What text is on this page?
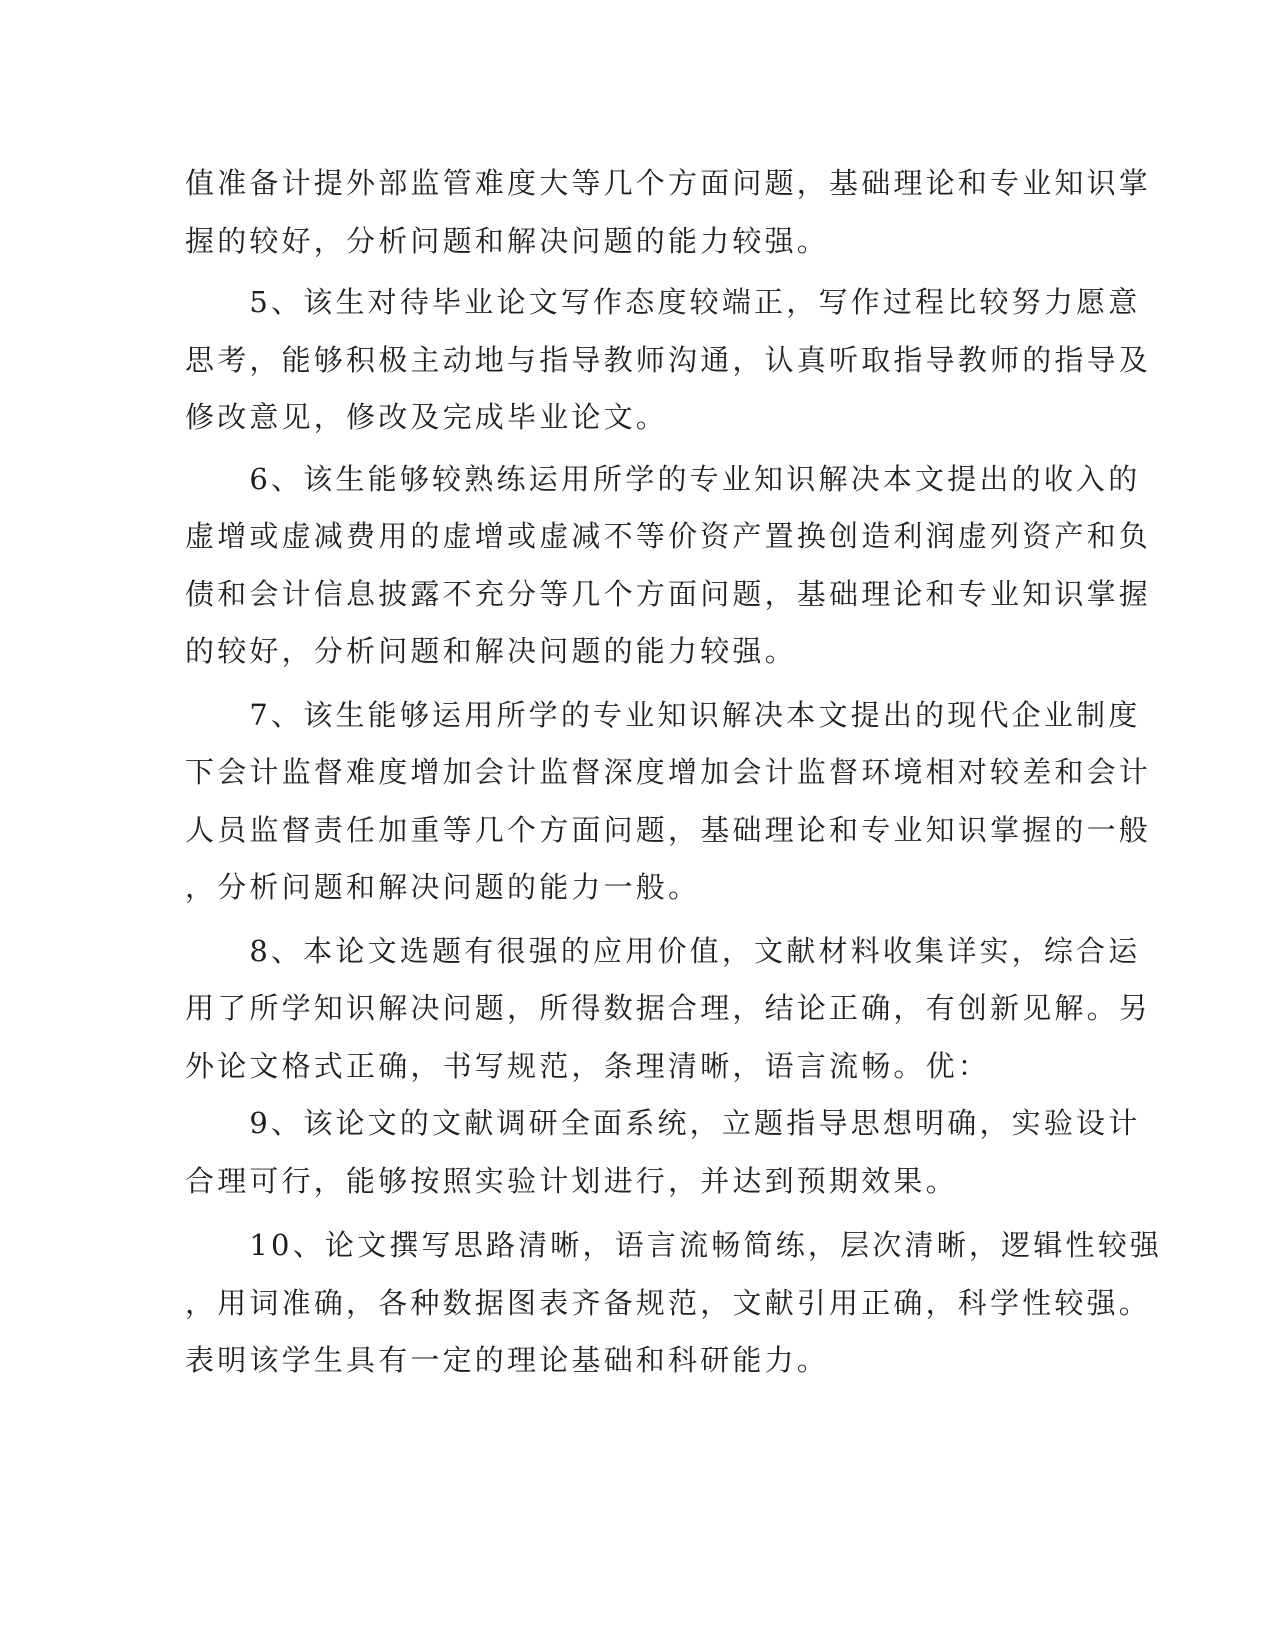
值准备计提外部监管难度大等几个方面问题，基础理论和专业知识掌
握的较好，分析问题和解决问题的能力较强。
　　5、该生对待毕业论文写作态度较端正，写作过程比较努力愿意
思考，能够积极主动地与指导教师沟通，认真听取指导教师的指导及
修改意见，修改及完成毕业论文。
　　6、该生能够较熟练运用所学的专业知识解决本文提出的收入的
虚增或虚减费用的虚增或虚减不等价资产置换创造利润虚列资产和负
债和会计信息披露不充分等几个方面问题，基础理论和专业知识掌握
的较好，分析问题和解决问题的能力较强。
　　7、该生能够运用所学的专业知识解决本文提出的现代企业制度
下会计监督难度增加会计监督深度增加会计监督环境相对较差和会计
人员监督责任加重等几个方面问题，基础理论和专业知识掌握的一般
，分析问题和解决问题的能力一般。
　　8、本论文选题有很强的应用价值，文献材料收集详实，综合运
用了所学知识解决问题，所得数据合理，结论正确，有创新见解。另
外论文格式正确，书写规范，条理清晰，语言流畅。优：
　　9、该论文的文献调研全面系统，立题指导思想明确，实验设计
合理可行，能够按照实验计划进行，并达到预期效果。
　　10、论文撰写思路清晰，语言流畅简练，层次清晰，逻辑性较强
，用词准确，各种数据图表齐备规范，文献引用正确，科学性较强。
表明该学生具有一定的理论基础和科研能力。
